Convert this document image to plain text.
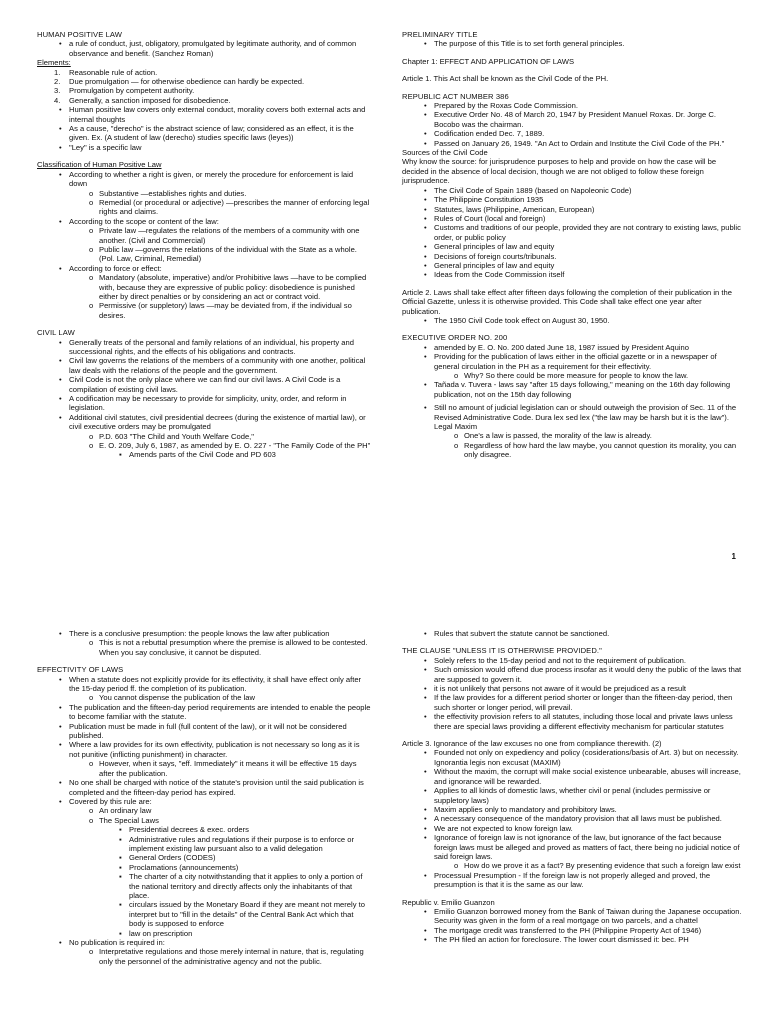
HUMAN POSITIVE LAW
• a rule of conduct, just, obligatory, promulgated by legitimate authority, and of common observance and benefit. (Sanchez Roman)
Elements:
1. Reasonable rule of action.
2. Due promulgation — for otherwise obedience can hardly be expected.
3. Promulgation by competent authority.
4. Generally, a sanction imposed for disobedience.
• Human positive law covers only external conduct, morality covers both external acts and internal thoughts
• As a cause, "derecho" is the abstract science of law; considered as an effect, it is the given. Ex. (A student of law (derecho) studies specific laws (leyes))
• "Ley" is a specific law
Classification of Human Positive Law
• According to whether a right is given, or merely the procedure for enforcement is laid down
o Substantive —establishes rights and duties.
o Remedial (or procedural or adjective) —prescribes the manner of enforcing legal rights and claims.
• According to the scope or content of the law:
o Private law —regulates the relations of the members of a community with one another. (Civil and Commercial)
o Public law —governs the relations of the individual with the State as a whole. (Pol. Law, Criminal, Remedial)
• According to force or effect:
o Mandatory (absolute, imperative) and/or Prohibitive laws —have to be complied with, because they are expressive of public policy: disobedience is punished either by direct penalties or by considering an act or contract void.
o Permissive (or suppletory) laws —may be deviated from, if the individual so desires.
CIVIL LAW
• Generally treats of the personal and family relations of an individual, his property and successional rights, and the effects of his obligations and contracts.
• Civil law governs the relations of the members of a community with one another, political law deals with the relations of the people and the government.
• Civil Code is not the only place where we can find our civil laws. A Civil Code is a compilation of existing civil laws.
• A codification may be necessary to provide for simplicity, unity, order, and reform in legislation.
• Additional civil statutes, civil presidential decrees (during the existence of martial law), or civil executive orders may be promulgated
o P.D. 603 "The Child and Youth Welfare Code,"
o E. O. 209, July 6, 1987, as amended by E. O. 227 - "The Family Code of the PH"
▪ Amends parts of the Civil Code and PD 603
PRELIMINARY TITLE
• The purpose of this Title is to set forth general principles.
Chapter 1: EFFECT AND APPLICATION OF LAWS
Article 1. This Act shall be known as the Civil Code of the PH.
REPUBLIC ACT NUMBER 386
• Prepared by the Roxas Code Commission.
• Executive Order No. 48 of March 20, 1947 by President Manuel Roxas. Dr. Jorge C. Bocobo was the chairman.
• Codification ended Dec. 7, 1889.
• Passed on January 26, 1949. "An Act to Ordain and Institute the Civil Code of the PH."
Sources of the Civil Code
Why know the source: for jurisprudence purposes to help and provide on how the case will be decided in the absence of local decision, though we are not obliged to follow these foreign jurisprudence.
• The Civil Code of Spain 1889 (based on Napoleonic Code)
• The Philippine Constitution 1935
• Statutes, laws (Philippine, American, European)
• Rules of Court (local and foreign)
• Customs and traditions of our people, provided they are not contrary to existing laws, public order, or public policy
• General principles of law and equity
• Decisions of foreign courts/tribunals.
• General principles of law and equity
• Ideas from the Code Commission itself
Article 2. Laws shall take effect after fifteen days following the completion of their publication in the Official Gazette, unless it is otherwise provided. This Code shall take effect one year after publication.
• The 1950 Civil Code took effect on August 30, 1950.
EXECUTIVE ORDER NO. 200
• amended by E. O. No. 200 dated June 18, 1987 issued by President Aquino
• Providing for the publication of laws either in the official gazette or in a newspaper of general circulation in the PH as a requirement for their effectivity.
o Why? So there could be more measure for people to know the law.
• Tañada v. Tuvera - laws say "after 15 days following," meaning on the 16th day following publication, not on the 15th day following
• Still no amount of judicial legislation can or should outweigh the provision of Sec. 11 of the Revised Administrative Code. Dura lex sed lex ("the law may be harsh but it is the law"). Legal Maxim
o One's a law is passed, the morality of the law is already.
o Regardless of how hard the law maybe, you cannot question its morality, you can only disagree.
1
• There is a conclusive presumption: the people knows the law after publication
o This is not a rebuttal presumption where the premise is allowed to be contested. When you say conclusive, it cannot be disputed.
EFFECTIVITY OF LAWS
• When a statute does not explicitly provide for its effectivity, it shall have effect only after the 15-day period ff. the completion of its publication.
o You cannot dispense the publication of the law
• The publication and the fifteen-day period requirements are intended to enable the people to become familiar with the statute.
• Publication must be made in full (full content of the law), or it will not be considered published.
• Where a law provides for its own effectivity, publication is not necessary so long as it is not punitive (inflicting punishment) in character.
o However, when it says, "eff. Immediately" it means it will be effective 15 days after the publication.
• No one shall be charged with notice of the statute's provision until the said publication is completed and the fifteen-day period has expired.
• Covered by this rule are:
o An ordinary law
o The Special Laws
▪ Presidential decrees & exec. orders
▪ Administrative rules and regulations if their purpose is to enforce or implement existing law pursuant also to a valid delegation
▪ General Orders (CODES)
▪ Proclamations (announcements)
▪ The charter of a city notwithstanding that it applies to only a portion of the national territory and directly affects only the inhabitants of that place.
▪ circulars issued by the Monetary Board if they are meant not merely to interpret but to "fill in the details" of the Central Bank Act which that body is supposed to enforce
▪ law on prescription
• No publication is required in:
o Interpretative regulations and those merely internal in nature, that is, regulating only the personnel of the administrative agency and not the public.
• Rules that subvert the statute cannot be sanctioned.
THE CLAUSE "UNLESS IT IS OTHERWISE PROVIDED."
• Solely refers to the 15-day period and not to the requirement of publication.
• Such omission would offend due process insofar as it would deny the public of the laws that are supposed to govern it.
• it is not unlikely that persons not aware of it would be prejudiced as a result
• If the law provides for a different period shorter or longer than the fifteen-day period, then such shorter or longer period, will prevail.
• the effectivity provision refers to all statutes, including those local and private laws unless there are special laws providing a different effectivity mechanism for particular statutes
Article 3. Ignorance of the law excuses no one from compliance therewith. (2)
• Founded not only on expediency and policy (cosiderations/basis of Art. 3) but on necessity. Ignorantia legis non excusat (MAXIM)
• Without the maxim, the corrupt will make social existence unbearable, abuses will increase, and ignorance will be rewarded.
• Applies to all kinds of domestic laws, whether civil or penal (includes permissive or suppletory laws)
• Maxim applies only to mandatory and prohibitory laws.
• A necessary consequence of the mandatory provision that all laws must be published.
• We are not expected to know foreign law.
• Ignorance of foreign law is not ignorance of the law, but ignorance of the fact because foreign laws must be alleged and proved as matters of fact, there being no judicial notice of said foreign laws.
o How do we prove it as a fact? By presenting evidence that such a foreign law exist
• Processual Presumption - If the foreign law is not properly alleged and proved, the presumption is that it is the same as our law.
Republic v. Emilio Guanzon
• Emilio Guanzon borrowed money from the Bank of Taiwan during the Japanese occupation. Security was given in the form of a real mortgage on two parcels, and a chattel
• The mortgage credit was transferred to the PH (Philippine Property Act of 1946)
• The PH filed an action for foreclosure. The lower court dismissed it: bec. PH
